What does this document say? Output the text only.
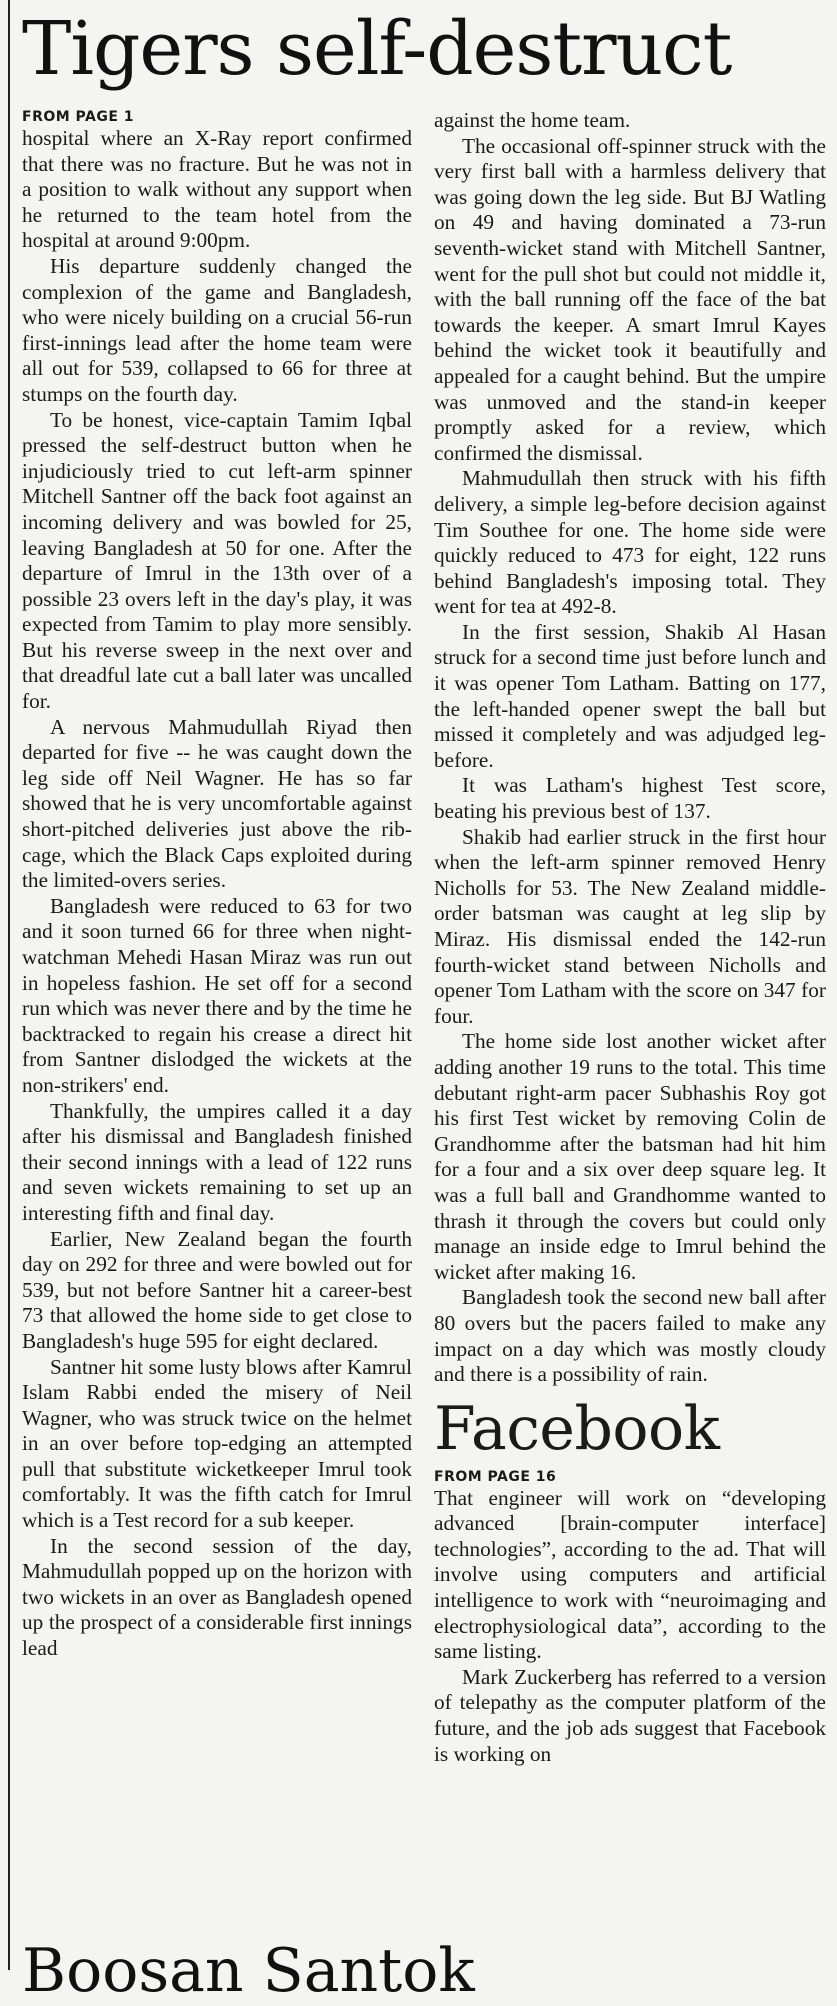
Tigers self-destruct
FROM PAGE 1

hospital where an X-Ray report confirmed that there was no fracture. But he was not in a position to walk without any support when he returned to the team hotel from the hospital at around 9:00pm.

His departure suddenly changed the complexion of the game and Bangladesh, who were nicely building on a crucial 56-run first-innings lead after the home team were all out for 539, collapsed to 66 for three at stumps on the fourth day.

To be honest, vice-captain Tamim Iqbal pressed the self-destruct button when he injudiciously tried to cut left-arm spinner Mitchell Santner off the back foot against an incoming delivery and was bowled for 25, leaving Bangladesh at 50 for one. After the departure of Imrul in the 13th over of a possible 23 overs left in the day's play, it was expected from Tamim to play more sensibly. But his reverse sweep in the next over and that dreadful late cut a ball later was uncalled for.

A nervous Mahmudullah Riyad then departed for five -- he was caught down the leg side off Neil Wagner. He has so far showed that he is very uncomfortable against short-pitched deliveries just above the rib-cage, which the Black Caps exploited during the limited-overs series.

Bangladesh were reduced to 63 for two and it soon turned 66 for three when night-watchman Mehedi Hasan Miraz was run out in hopeless fashion. He set off for a second run which was never there and by the time he backtracked to regain his crease a direct hit from Santner dislodged the wickets at the non-strikers' end.

Thankfully, the umpires called it a day after his dismissal and Bangladesh finished their second innings with a lead of 122 runs and seven wickets remaining to set up an interesting fifth and final day.

Earlier, New Zealand began the fourth day on 292 for three and were bowled out for 539, but not before Santner hit a career-best 73 that allowed the home side to get close to Bangladesh's huge 595 for eight declared.

Santner hit some lusty blows after Kamrul Islam Rabbi ended the misery of Neil Wagner, who was struck twice on the helmet in an over before top-edging an attempted pull that substitute wicketkeeper Imrul took comfortably. It was the fifth catch for Imrul which is a Test record for a sub keeper.

In the second session of the day, Mahmudullah popped up on the horizon with two wickets in an over as Bangladesh opened up the prospect of a considerable first innings lead

against the home team.

The occasional off-spinner struck with the very first ball with a harmless delivery that was going down the leg side. But BJ Watling on 49 and having dominated a 73-run seventh-wicket stand with Mitchell Santner, went for the pull shot but could not middle it, with the ball running off the face of the bat towards the keeper. A smart Imrul Kayes behind the wicket took it beautifully and appealed for a caught behind. But the umpire was unmoved and the stand-in keeper promptly asked for a review, which confirmed the dismissal.

Mahmudullah then struck with his fifth delivery, a simple leg-before decision against Tim Southee for one. The home side were quickly reduced to 473 for eight, 122 runs behind Bangladesh's imposing total. They went for tea at 492-8.

In the first session, Shakib Al Hasan struck for a second time just before lunch and it was opener Tom Latham. Batting on 177, the left-handed opener swept the ball but missed it completely and was adjudged leg-before.

It was Latham's highest Test score, beating his previous best of 137.

Shakib had earlier struck in the first hour when the left-arm spinner removed Henry Nicholls for 53. The New Zealand middle-order batsman was caught at leg slip by Miraz. His dismissal ended the 142-run fourth-wicket stand between Nicholls and opener Tom Latham with the score on 347 for four.

The home side lost another wicket after adding another 19 runs to the total. This time debutant right-arm pacer Subhashis Roy got his first Test wicket by removing Colin de Grandhomme after the batsman had hit him for a four and a six over deep square leg. It was a full ball and Grandhomme wanted to thrash it through the covers but could only manage an inside edge to Imrul behind the wicket after making 16.

Bangladesh took the second new ball after 80 overs but the pacers failed to make any impact on a day which was mostly cloudy and there is a possibility of rain.

Facebook
FROM PAGE 16

That engineer will work on “developing advanced [brain-computer interface] technologies”, according to the ad. That will involve using computers and artificial intelligence to work with “neuroimaging and electrophysiological data”, according to the same listing.

Mark Zuckerberg has referred to a version of telepathy as the computer platform of the future, and the job ads suggest that Facebook is working on

Boosan Santok
